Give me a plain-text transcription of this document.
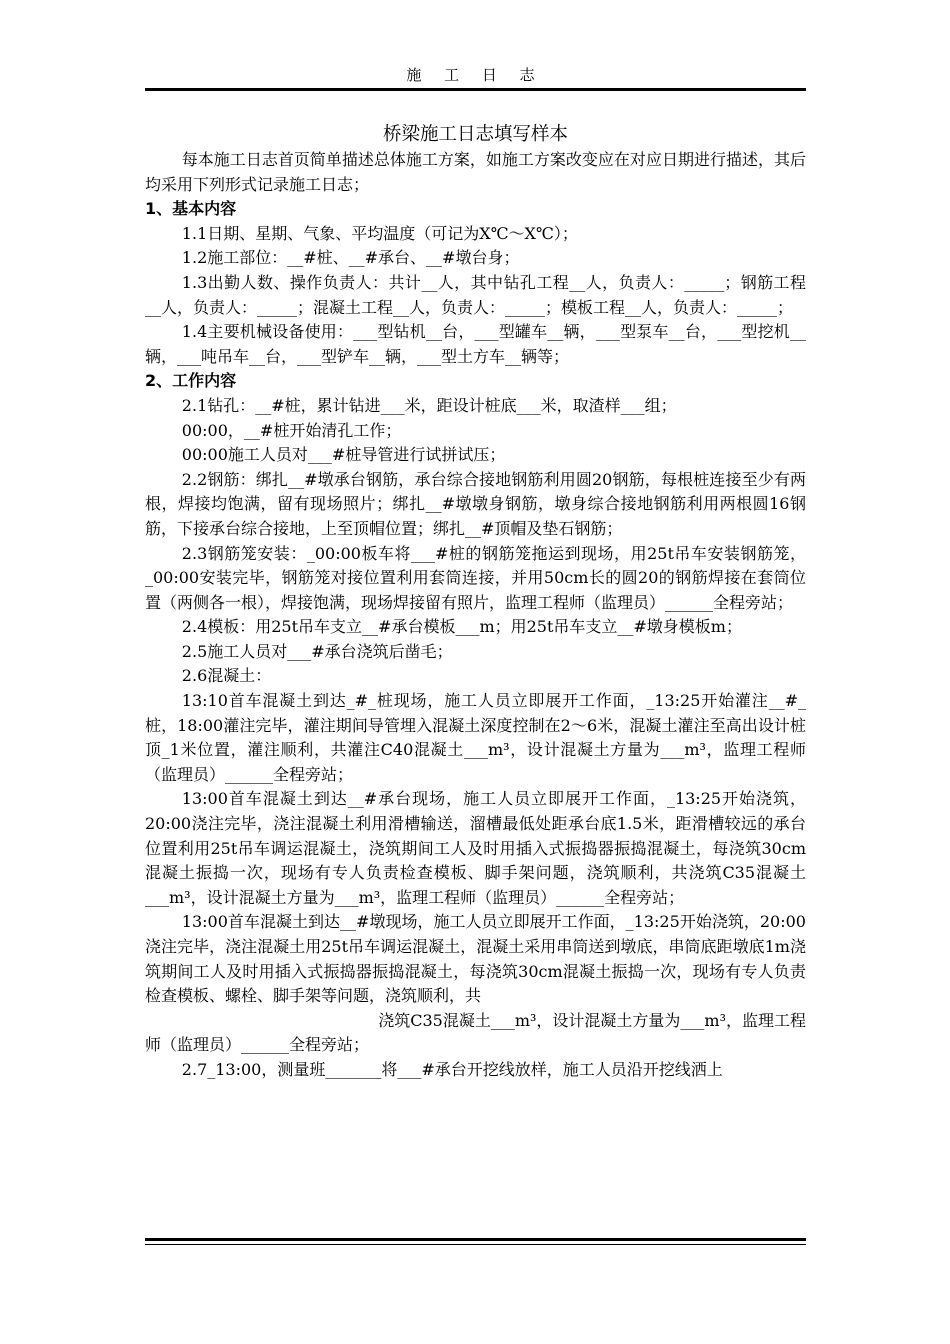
施 工 日 志
桥梁施工日志填写样本

每本施工日志首页简单描述总体施工方案，如施工方案改变应在对应日期进行描述，其后均采用下列形式记录施工日志；

1、基本内容

1.1日期、星期、气象、平均温度（可记为X℃～X℃）；

1.2施工部位：__#桩、__#承台、__#墩台身；

1.3出勤人数、操作负责人：共计__人，其中钻孔工程__人，负责人：_____；钢筋工程__人，负责人：_____；混凝土工程__人，负责人：_____；模板工程__人，负责人：_____；

1.4主要机械设备使用：___型钻机__台，___型罐车__辆，___型泵车__台，___型挖机__辆，___吨吊车__台，___型铲车__辆，___型土方车__辆等；

2、工作内容

2.1钻孔：__#桩，累计钻进___米，距设计桩底___米，取渣样___组；

00:00，__#桩开始清孔工作；

00:00施工人员对___#桩导管进行试拼试压；

2.2钢筋：绑扎__#墩承台钢筋，承台综合接地钢筋利用圆20钢筋，每根桩连接至少有两根，焊接均饱满，留有现场照片；绑扎__#墩墩身钢筋，墩身综合接地钢筋利用两根圆16钢筋，下接承台综合接地，上至顶帽位置；绑扎__#顶帽及垫石钢筋；

2.3钢筋笼安装：_00:00板车将___#桩的钢筋笼拖运到现场，用25t吊车安装钢筋笼，_00:00安装完毕，钢筋笼对接位置利用套筒连接，并用50cm长的圆20的钢筋焊接在套筒位置（两侧各一根），焊接饱满，现场焊接留有照片，监理工程师（监理员）______全程旁站；

2.4模板：用25t吊车支立__#承台模板___m；用25t吊车支立__#墩身模板m；

2.5施工人员对___#承台浇筑后凿毛；

2.6混凝土：

13:10首车混凝土到达_#_桩现场，施工人员立即展开工作面，_13:25开始灌注__#_桩，18:00灌注完毕，灌注期间导管埋入混凝土深度控制在2～6米，混凝土灌注至高出设计桩顶_1米位置，灌注顺利，共灌注C40混凝土___m³，设计混凝土方量为___m³，监理工程师（监理员）______全程旁站；

13:00首车混凝土到达__#承台现场，施工人员立即展开工作面，_13:25开始浇筑，20:00浇注完毕，浇注混凝土利用滑槽输送，溜槽最低处距承台底1.5米，距滑槽较远的承台位置利用25t吊车调运混凝土，浇筑期间工人及时用插入式振捣器振捣混凝土，每浇筑30cm混凝土振捣一次，现场有专人负责检查模板、脚手架问题，浇筑顺利，共浇筑C35混凝土___m³，设计混凝土方量为___m³，监理工程师（监理员）______全程旁站；

13:00首车混凝土到达__#墩现场，施工人员立即展开工作面，_13:25开始浇筑，20:00浇注完毕，浇注混凝土用25t吊车调运混凝土，混凝土采用串筒送到墩底，串筒底距墩底1m浇筑期间工人及时用插入式振捣器振捣混凝土，每浇筑30cm混凝土振捣一次，现场有专人负责检查模板、螺栓、脚手架等问题，浇筑顺利，共

浇筑C35混凝土___m³，设计混凝土方量为___m³，监理工程

师（监理员）______全程旁站；

2.7_13:00，测量班_______将___#承台开挖线放样，施工人员沿开挖线洒上
